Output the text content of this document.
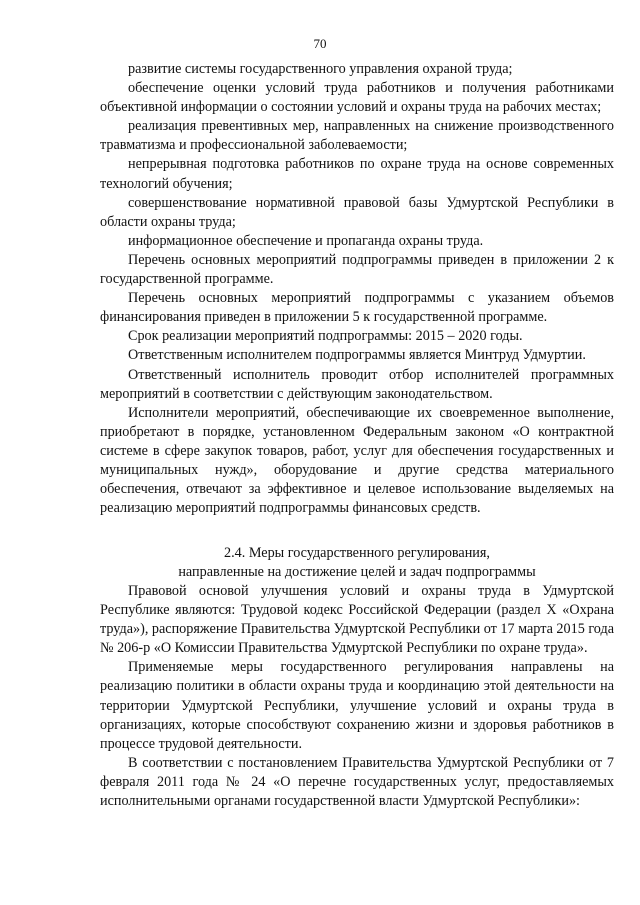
70

развитие системы государственного управления охраной труда;

обеспечение оценки условий труда работников и получения работниками объективной информации о состоянии условий и охраны труда на рабочих местах;

реализация превентивных мер, направленных на снижение производственного травматизма и профессиональной заболеваемости;

непрерывная подготовка работников по охране труда на основе современных технологий обучения;

совершенствование нормативной правовой базы Удмуртской Республики в области охраны труда;

информационное обеспечение и пропаганда охраны труда.

Перечень основных мероприятий подпрограммы приведен в приложении 2 к государственной программе.

Перечень основных мероприятий подпрограммы с указанием объемов финансирования приведен в приложении 5 к государственной программе.

Срок реализации мероприятий подпрограммы: 2015 – 2020 годы.

Ответственным исполнителем подпрограммы является Минтруд Удмуртии.

Ответственный исполнитель проводит отбор исполнителей программных мероприятий в соответствии с действующим законодательством.

Исполнители мероприятий, обеспечивающие их своевременное выполнение, приобретают в порядке, установленном Федеральным законом «О контрактной системе в сфере закупок товаров, работ, услуг для обеспечения государственных и муниципальных нужд», оборудование и другие средства материального обеспечения, отвечают за эффективное и целевое использование выделяемых на реализацию мероприятий подпрограммы финансовых средств.

2.4. Меры государственного регулирования,
направленные на достижение целей и задач подпрограммы

Правовой основой улучшения условий и охраны труда в Удмуртской Республике являются: Трудовой кодекс Российской Федерации (раздел X «Охрана труда»), распоряжение Правительства Удмуртской Республики от 17 марта 2015 года № 206-р «О Комиссии Правительства Удмуртской Республики по охране труда».

Применяемые меры государственного регулирования направлены на реализацию политики в области охраны труда и координацию этой деятельности на территории Удмуртской Республики, улучшение условий и охраны труда в организациях, которые способствуют сохранению жизни и здоровья работников в процессе трудовой деятельности.

В соответствии с постановлением Правительства Удмуртской Республики от 7 февраля 2011 года № 24 «О перечне государственных услуг, предоставляемых исполнительными органами государственной власти Удмуртской Республики»:
